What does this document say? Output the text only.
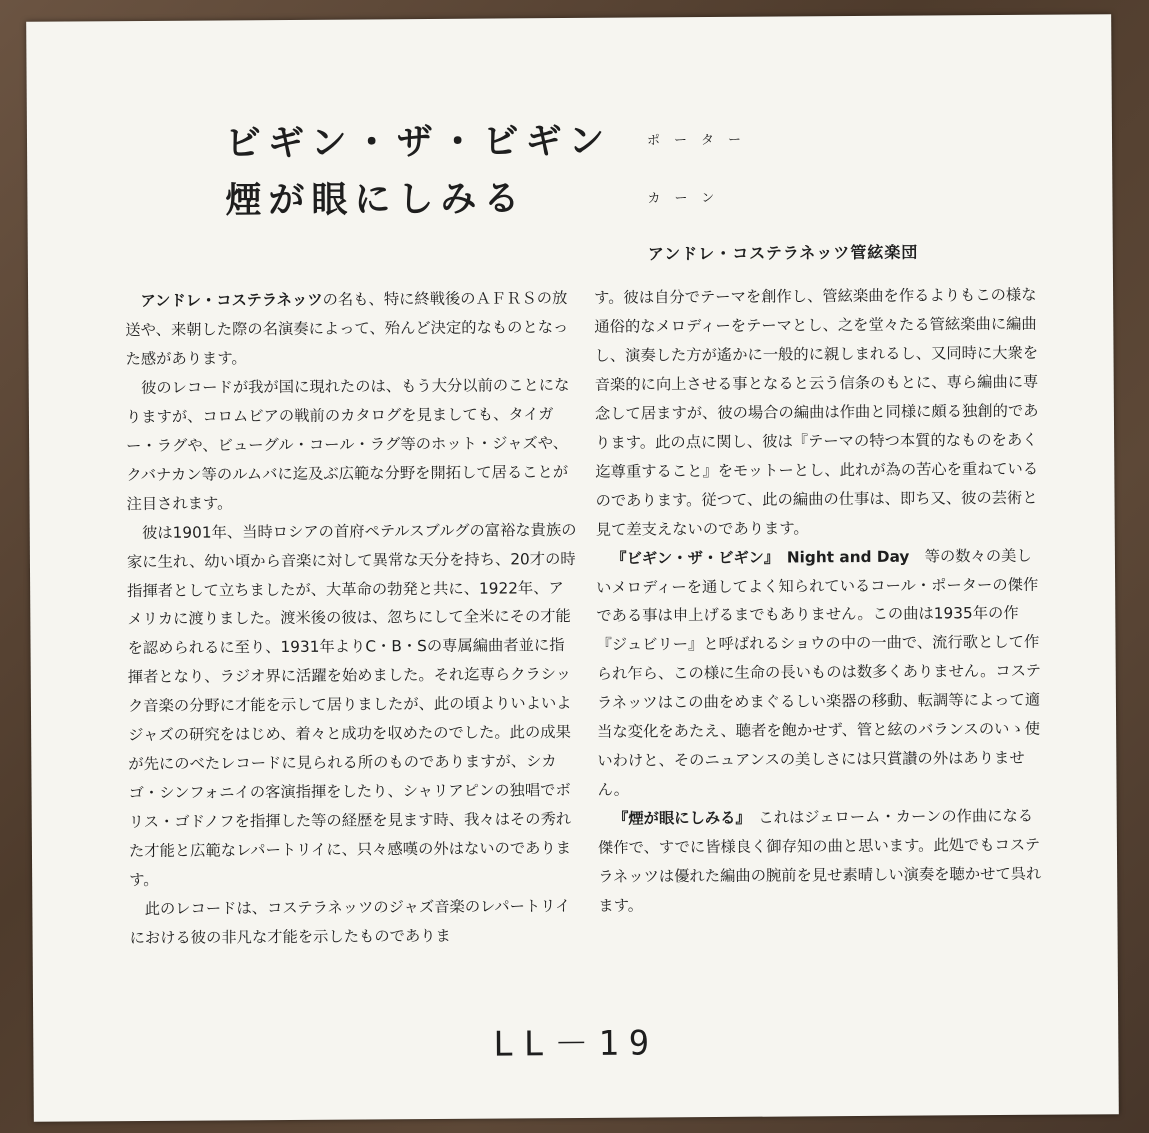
ビギン・ザ・ビギン
煙が眼にしみる
ポーター
カーン
アンドレ・コステラネッツ管絃楽団

アンドレ・コステラネッツの名も、特に終戦後のＡＦＲＳの放送や、来朝した際の名演奏によって、殆んど決定的なものとなった感があります。

彼のレコードが我が国に現れたのは、もう大分以前のことになりますが、コロムビアの戦前のカタログを見ましても、タイガー・ラグや、ビューグル・コール・ラグ等のホット・ジャズや、クバナカン等のルムバに迄及ぶ広範な分野を開拓して居ることが注目されます。

彼は1901年、当時ロシアの首府ペテルスブルグの富裕な貴族の家に生れ、幼い頃から音楽に対して異常な天分を持ち、20才の時指揮者として立ちましたが、大革命の勃発と共に、1922年、アメリカに渡りました。渡米後の彼は、忽ちにして全米にその才能を認められるに至り、1931年よりC・B・Sの専属編曲者並に指揮者となり、ラジオ界に活躍を始めました。それ迄専らクラシック音楽の分野に才能を示して居りましたが、此の頃よりいよいよジャズの研究をはじめ、着々と成功を収めたのでした。此の成果が先にのべたレコードに見られる所のものでありますが、シカゴ・シンフォニイの客演指揮をしたり、シャリアピンの独唱でボリス・ゴドノフを指揮した等の経歴を見ます時、我々はその秀れた才能と広範なレパートリイに、只々感嘆の外はないのであります。

此のレコードは、コステラネッツのジャズ音楽のレパートリイにおける彼の非凡な才能を示したものでありま

す。彼は自分でテーマを創作し、管絃楽曲を作るよりもこの様な通俗的なメロディーをテーマとし、之を堂々たる管絃楽曲に編曲し、演奏した方が遙かに一般的に親しまれるし、又同時に大衆を音楽的に向上させる事となると云う信条のもとに、専ら編曲に専念して居ますが、彼の場合の編曲は作曲と同様に頗る独創的であります。此の点に関し、彼は『テーマの特つ本質的なものをあく迄尊重すること』をモットーとし、此れが為の苦心を重ねているのであります。従つて、此の編曲の仕事は、即ち又、彼の芸術と見て差支えないのであります。

『ビギン・ザ・ビギン』　Night and Day　等の数々の美しいメロディーを通してよく知られているコール・ポーターの傑作である事は申上げるまでもありません。この曲は1935年の作『ジュビリー』と呼ばれるショウの中の一曲で、流行歌として作られ乍ら、この様に生命の長いものは数多くありません。コステラネッツはこの曲をめまぐるしい楽器の移動、転調等によって適当な変化をあたえ、聴者を飽かせず、管と絃のバランスのいゝ使いわけと、そのニュアンスの美しさには只賞讃の外はありません。

『煙が眼にしみる』　これはジェローム・カーンの作曲になる傑作で、すでに皆様良く御存知の曲と思います。此処でもコステラネッツは優れた編曲の腕前を見せ素晴しい演奏を聴かせて呉れます。

LL－19
